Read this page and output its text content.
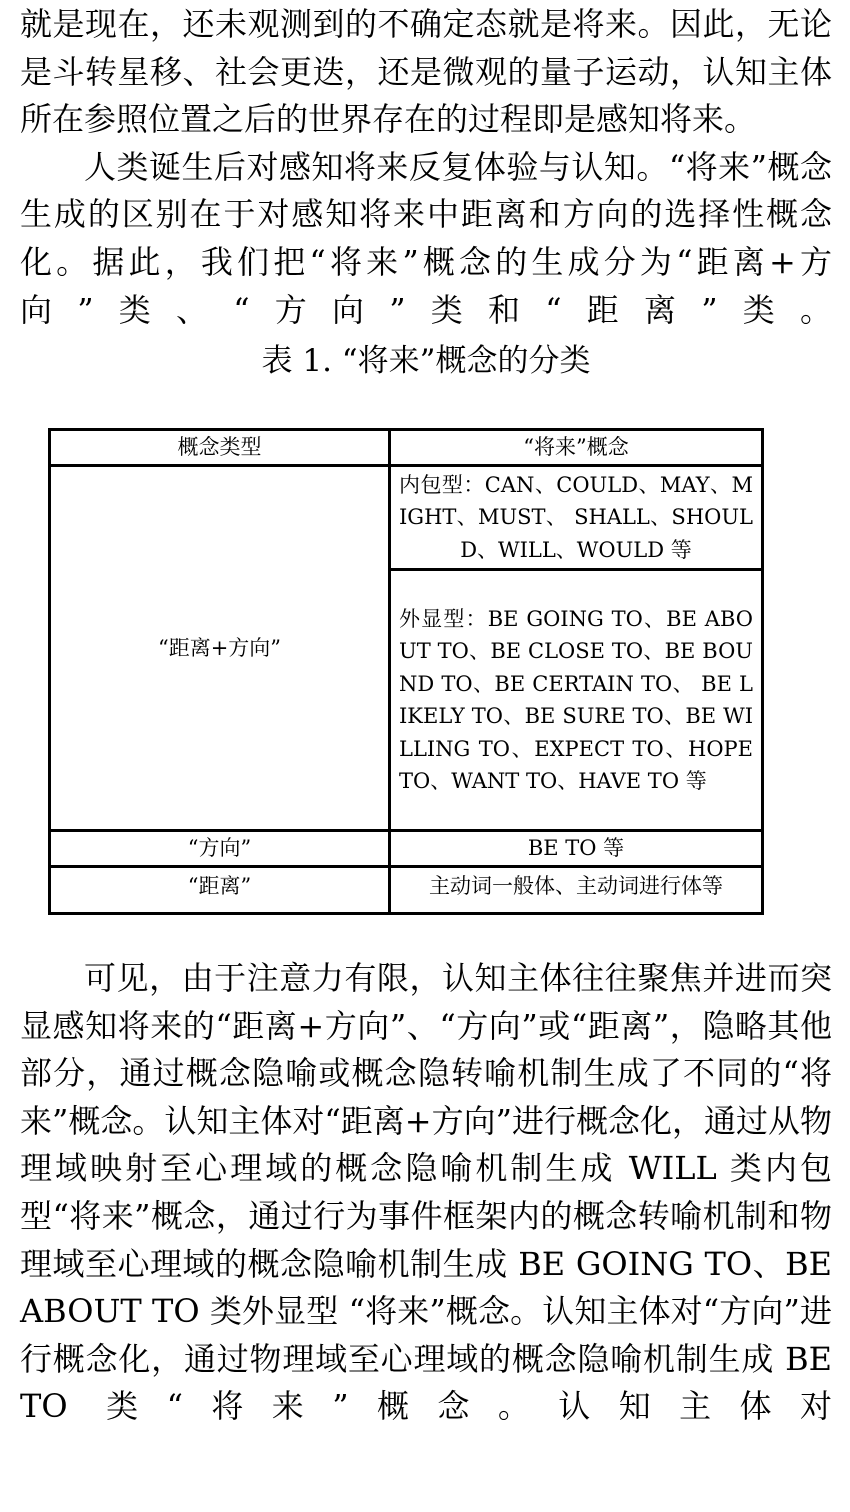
就是现在，还未观测到的不确定态就是将来。因此，无论是斗转星移、社会更迭，还是微观的量子运动，认知主体所在参照位置之后的世界存在的过程即是感知将来。

人类诞生后对感知将来反复体验与认知。“将来”概念生成的区别在于对感知将来中距离和方向的选择性概念化。据此，我们把“将来”概念的生成分为“距离+方向”类、“方向”类和“距离”类。

表 1. “将来”概念的分类
概念类型	“将来”概念
“距离+方向”	内包型：CAN、COULD、MAY、MIGHT、MUST、 SHALL、SHOULD、WILL、WOULD 等

	外显型：BE GOING TO、BE ABOUT TO、BE CLOSE TO、BE BOUND TO、BE CERTAIN TO、 BE LIKELY TO、BE SURE TO、BE WILLING TO、EXPECT TO、HOPE TO、WANT TO、HAVE TO 等

“方向”	BE TO 等
“距离”	主动词一般体、主动词进行体等

可见，由于注意力有限，认知主体往往聚焦并进而突显感知将来的“距离+方向”、“方向”或“距离”，隐略其他部分，通过概念隐喻或概念隐转喻机制生成了不同的“将来”概念。认知主体对“距离+方向”进行概念化，通过从物理域映射至心理域的概念隐喻机制生成 WILL 类内包型“将来”概念，通过行为事件框架内的概念转喻机制和物理域至心理域的概念隐喻机制生成 BE GOING TO、BE ABOUT TO 类外显型 “将来”概念。认知主体对“方向”进行概念化，通过物理域至心理域的概念隐喻机制生成 BE TO 类“将来”概念。认知主体对
